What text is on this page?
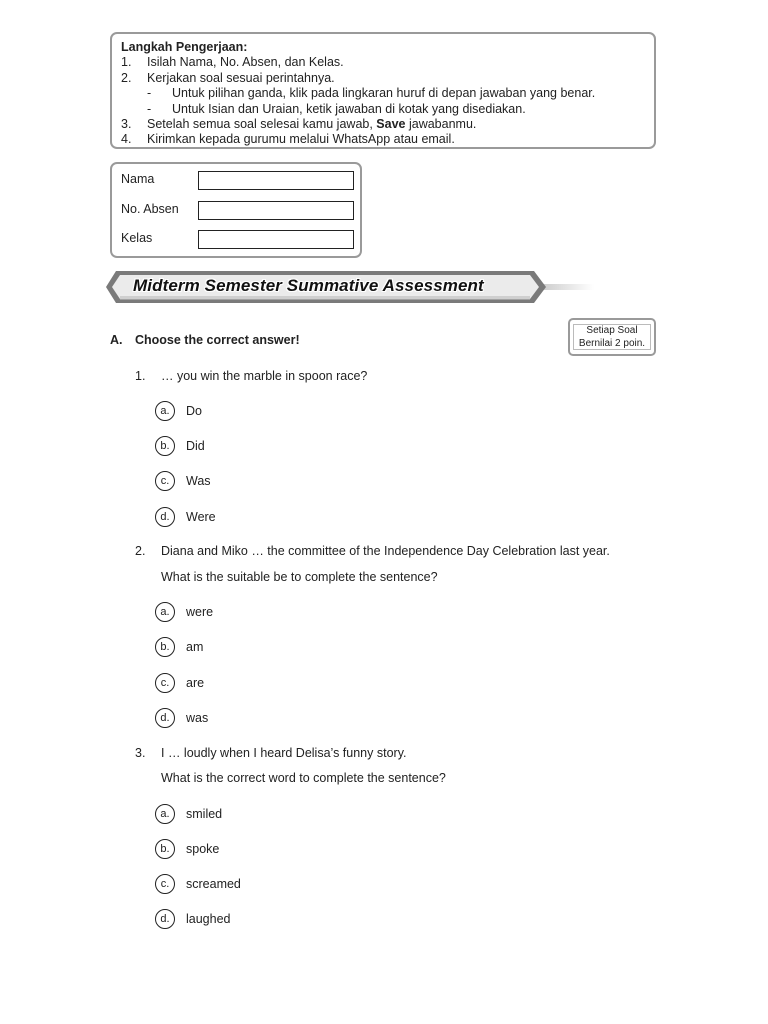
Langkah Pengerjaan:
1.	Isilah Nama, No. Absen, dan Kelas.
2.	Kerjakan soal sesuai perintahnya.
-	Untuk pilihan ganda, klik pada lingkaran huruf di depan jawaban yang benar.
-	Untuk Isian dan Uraian, ketik jawaban di kotak yang disediakan.
3.	Setelah semua soal selesai kamu jawab, Save jawabanmu.
4.	Kirimkan kepada gurumu melalui WhatsApp atau email.
Nama
No. Absen
Kelas
Midterm Semester Summative Assessment
A. Choose the correct answer!
Setiap Soal
Bernilai 2 poin.
1. … you win the marble in spoon race?
a.	Do
b.	Did
c.	Was
d.	Were
2. Diana and Miko … the committee of the Independence Day Celebration last year.
What is the suitable be to complete the sentence?
a.	were
b.	am
c.	are
d.	was
3. I … loudly when I heard Delisa’s funny story.
What is the correct word to complete the sentence?
a.	smiled
b.	spoke
c.	screamed
d.	laughed
